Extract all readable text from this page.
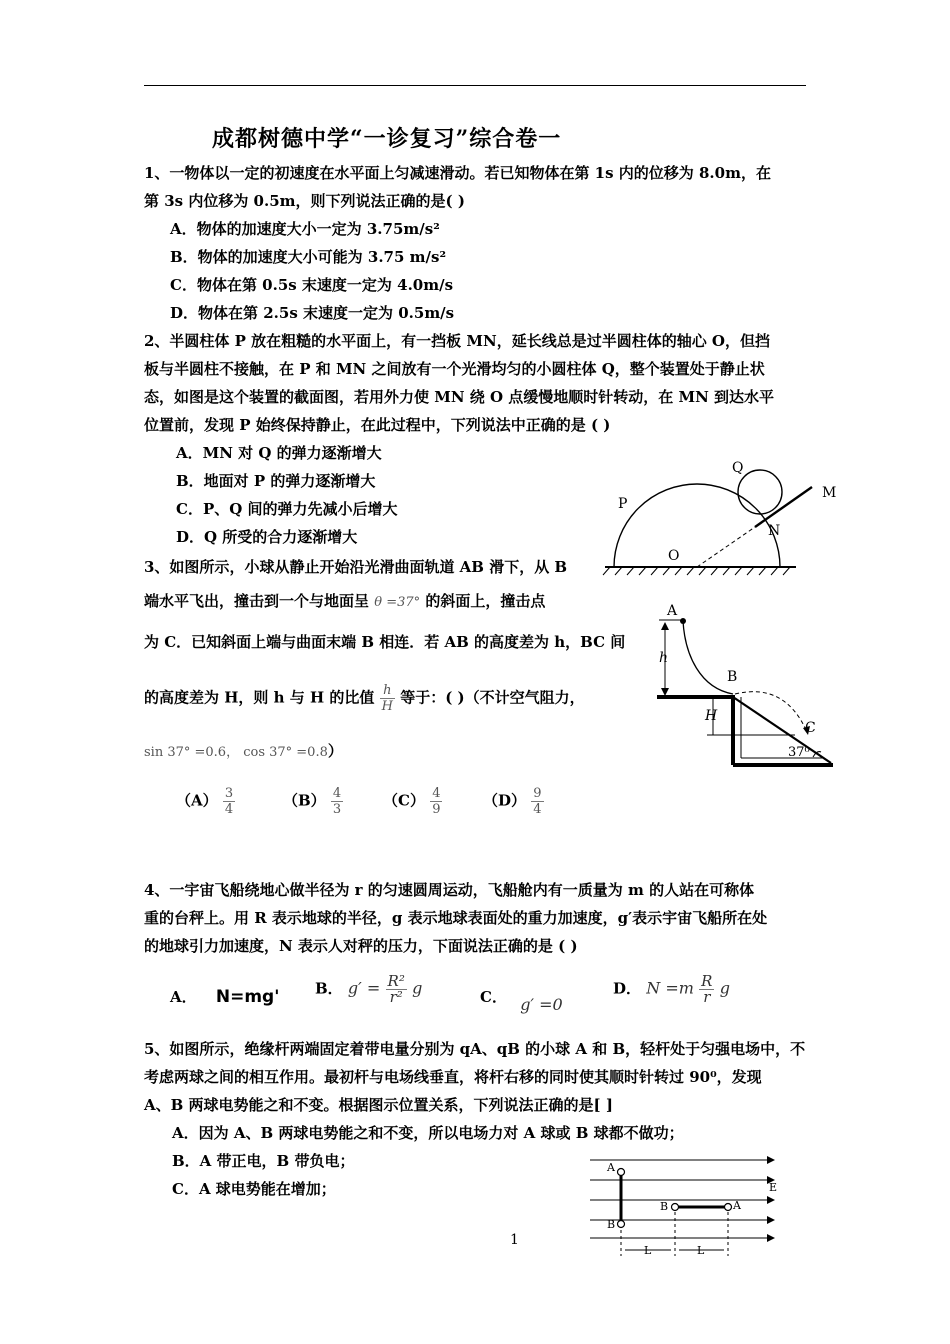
成都树德中学“一诊复习”综合卷一
1、一物体以一定的初速度在水平面上匀减速滑动。若已知物体在第 1s 内的位移为 8.0m，在
第 3s 内位移为 0.5m，则下列说法正确的是( )
A．物体的加速度大小一定为 3.75m/s²
B．物体的加速度大小可能为 3.75 m/s²
C．物体在第 0.5s 末速度一定为 4.0m/s
D．物体在第 2.5s 末速度一定为 0.5m/s
2、半圆柱体 P 放在粗糙的水平面上，有一挡板 MN，延长线总是过半圆柱体的轴心 O，但挡
板与半圆柱不接触，在 P 和 MN 之间放有一个光滑均匀的小圆柱体 Q，整个装置处于静止状
态，如图是这个装置的截面图，若用外力使 MN 绕 O 点缓慢地顺时针转动，在 MN 到达水平
位置前，发现 P 始终保持静止，在此过程中，下列说法中正确的是 ( )
A．MN 对 Q 的弹力逐渐增大
B．地面对 P 的弹力逐渐增大
C．P、Q 间的弹力先减小后增大
D．Q 所受的合力逐渐增大
P
Q
M
N
O
3、如图所示，小球从静止开始沿光滑曲面轨道 AB 滑下，从 B
端水平飞出，撞击到一个与地面呈 θ =37° 的斜面上，撞击点
为 C．已知斜面上端与曲面末端 B 相连．若 AB 的高度差为 h，BC 间
的高度差为 H，则 h 与 H 的比值 $\frac{h}{H}$ 等于：( )（不计空气阻力，
sin 37° =0.6， cos 37° =0.8）
$(A) \frac{3}{4}$	$(B) \frac{4}{3}$	$(C) \frac{4}{9}$	$(D) \frac{9}{4}$
A
B
C
h
H
37⁰
4、一宇宙飞船绕地心做半径为 r 的匀速圆周运动，飞船舱内有一质量为 m 的人站在可称体
重的台秤上。用 R 表示地球的半径，g 表示地球表面处的重力加速度，g′表示宇宙飞船所在处
的地球引力加速度，N 表示人对秤的压力，下面说法正确的是 ( )
A． N=mg' B． $g' = \frac{\text{R²}}{\text{r²}}$ g	C． g′ =0
D． $N =m \frac{R}{r}$ g
5、如图所示，绝缘杆两端固定着带电量分别为 qA、qB 的小球 A 和 B，轻杆处于匀强电场中，不
考虑两球之间的相互作用。最初杆与电场线垂直，将杆右移的同时使其顺时针转过 90⁰，发现
A、B 两球电势能之和不变。根据图示位置关系，下列说法正确的是[ ]
A．因为 A、B 两球电势能之和不变，所以电场力对 A 球或 B 球都不做功；
B．A 带正电，B 带负电；
C．A 球电势能在增加；
A
B
B	A
E
L	L
1
